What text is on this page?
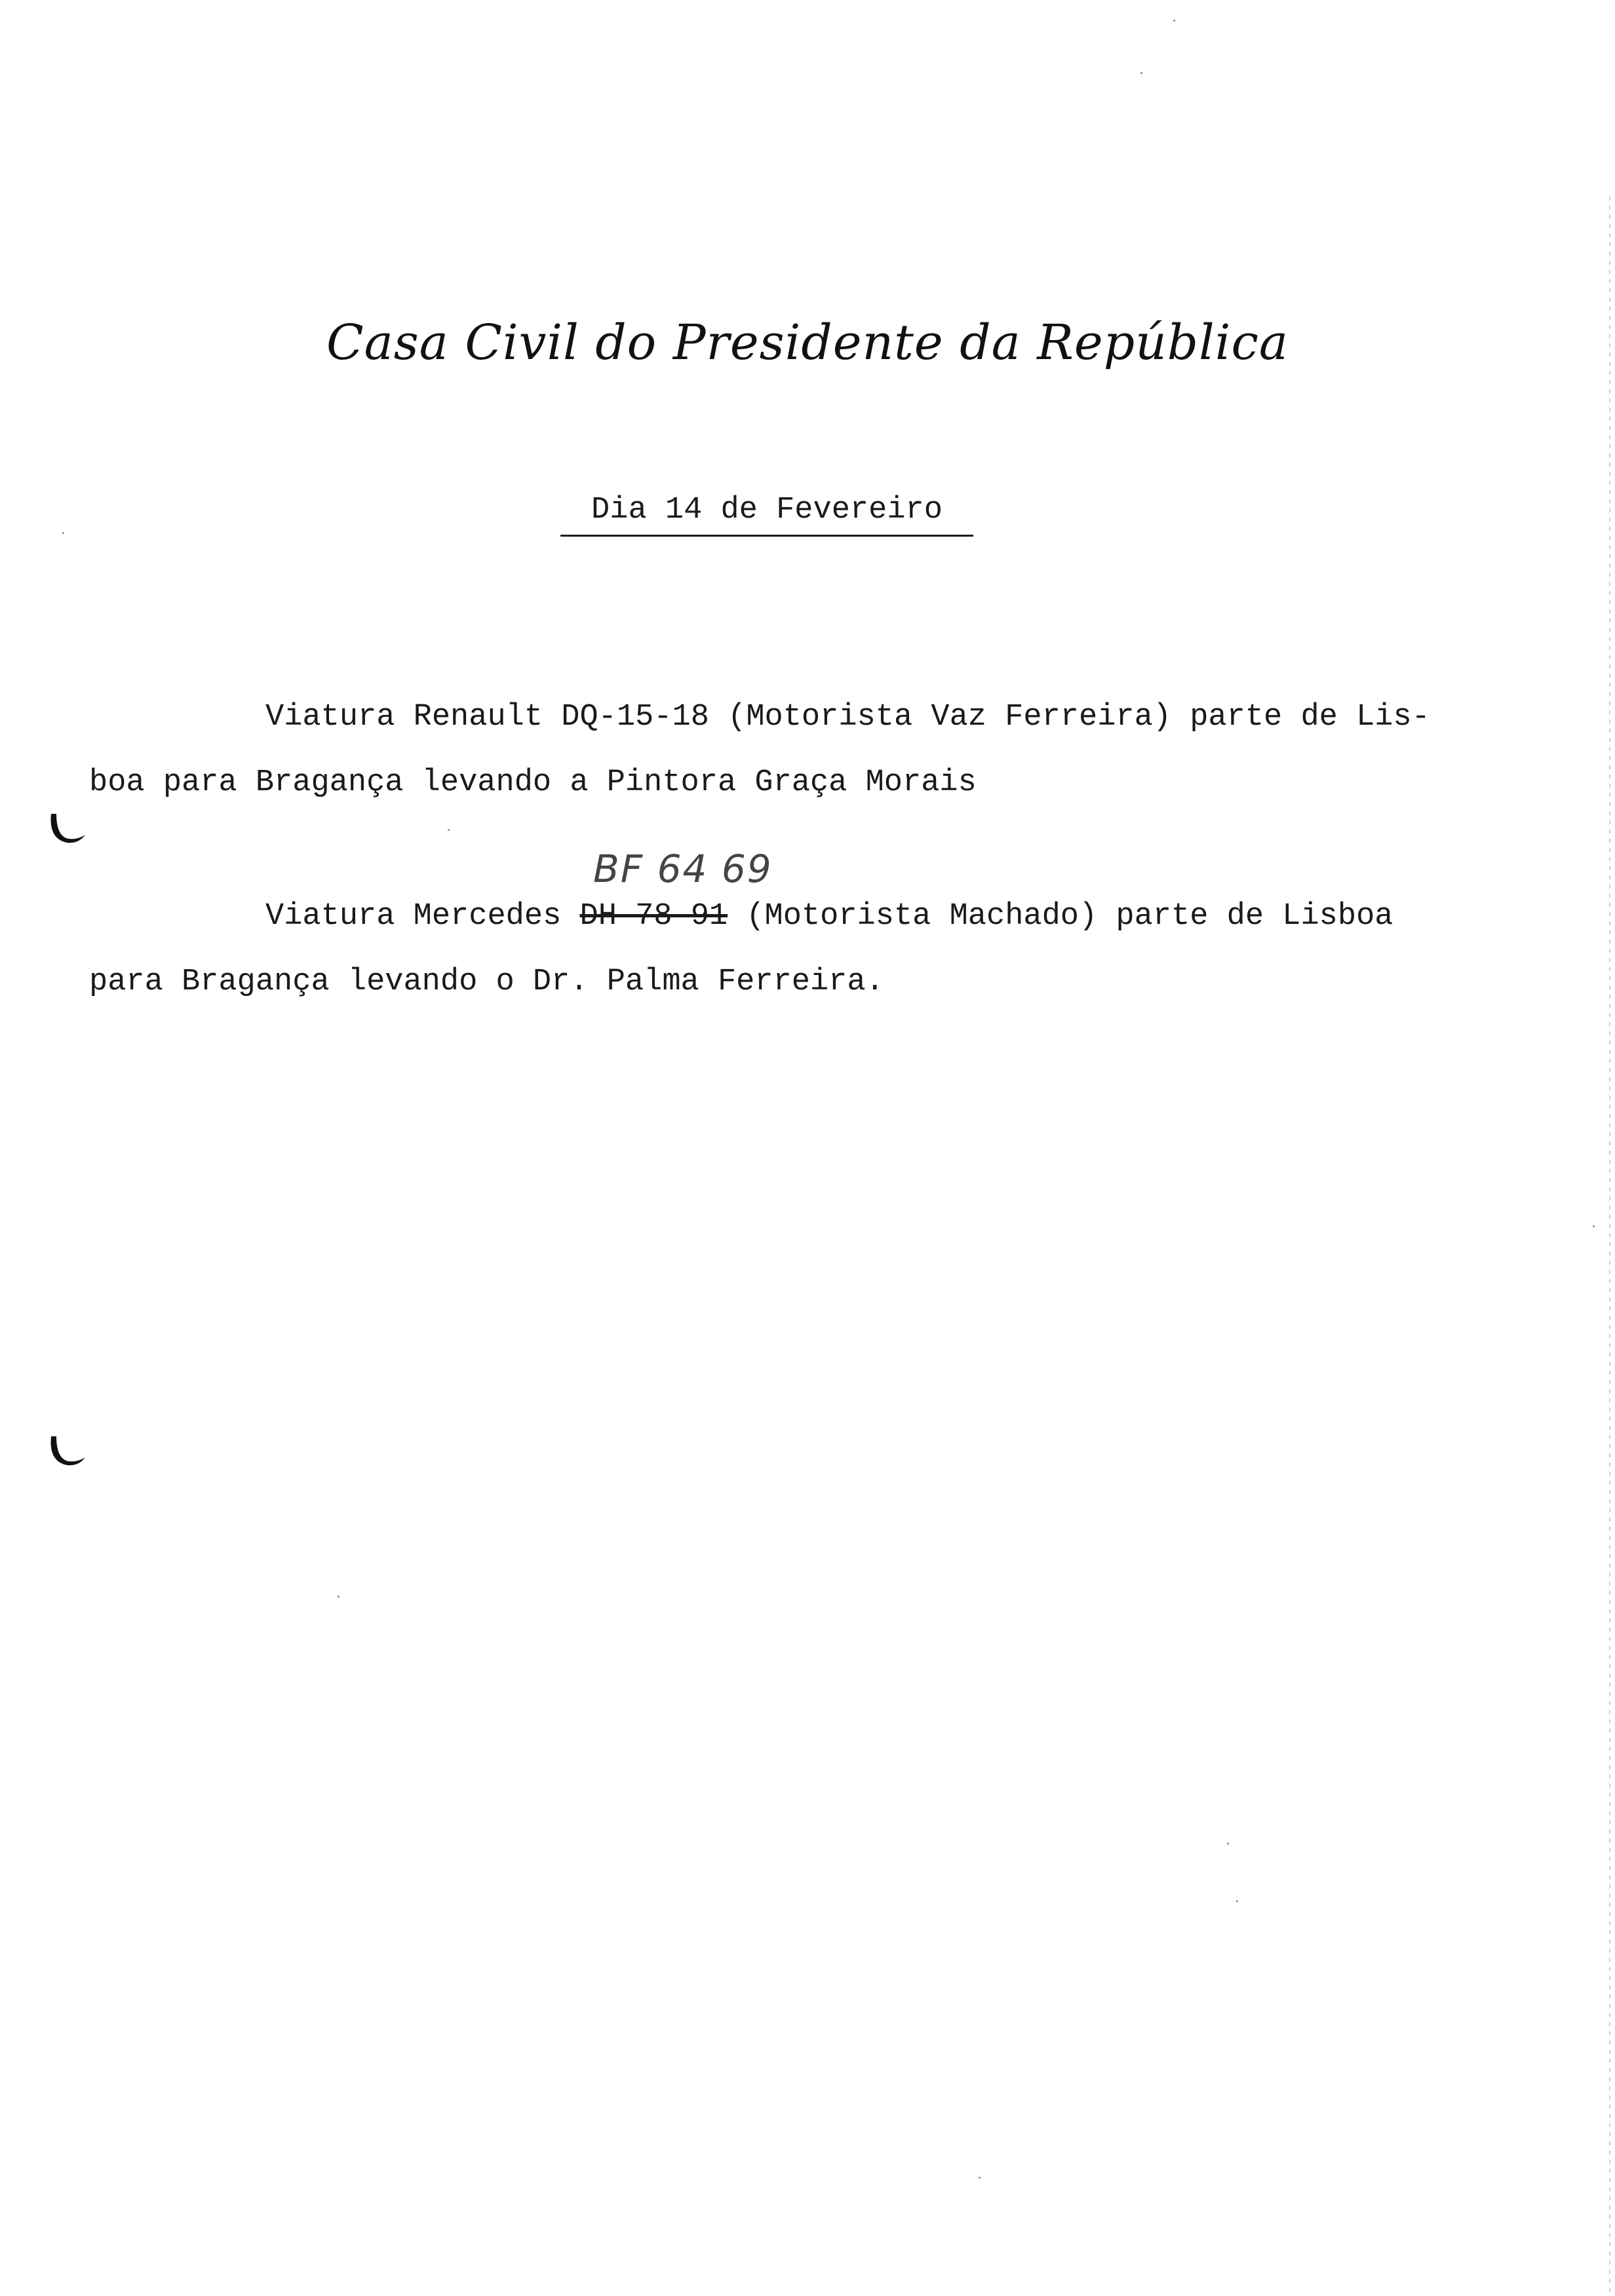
Casa Civil do Presidente da República
Dia 14 de Fevereiro
Viatura Renault DQ-15-18 (Motorista Vaz Ferreira) parte de Lis-
boa para Bragança levando a Pintora Graça Morais
BF 64 69
Viatura Mercedes DH-78-91 (Motorista Machado) parte de Lisboa
para Bragança levando o Dr. Palma Ferreira.
